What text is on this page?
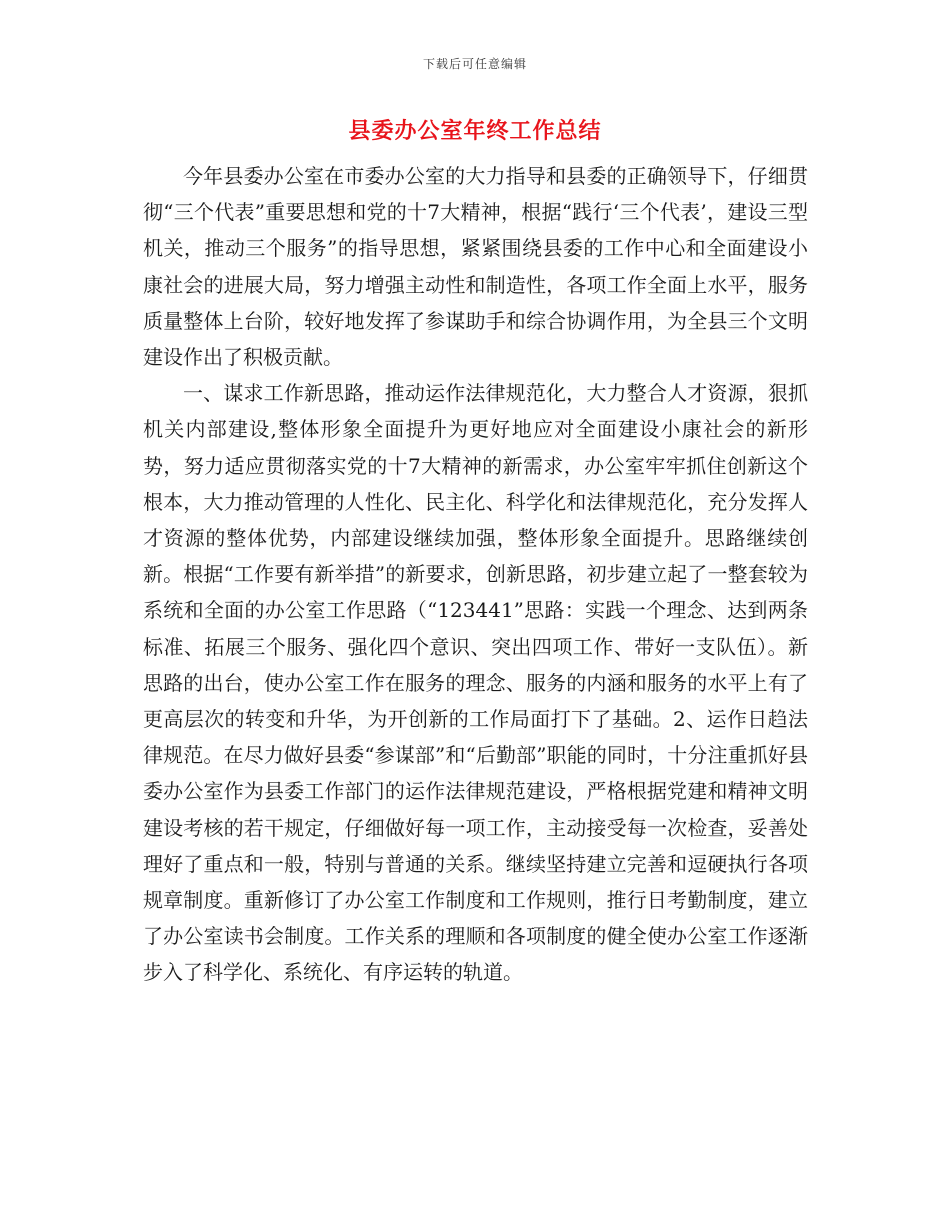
下载后可任意编辑
县委办公室年终工作总结

今年县委办公室在市委办公室的大力指导和县委的正确领导下，仔细贯彻“三个代表”重要思想和党的十7大精神，根据“践行‘三个代表’，建设三型机关，推动三个服务”的指导思想，紧紧围绕县委的工作中心和全面建设小康社会的进展大局，努力增强主动性和制造性，各项工作全面上水平，服务质量整体上台阶，较好地发挥了参谋助手和综合协调作用，为全县三个文明建设作出了积极贡献。

一、谋求工作新思路，推动运作法律规范化，大力整合人才资源，狠抓机关内部建设,整体形象全面提升为更好地应对全面建设小康社会的新形势，努力适应贯彻落实党的十7大精神的新需求，办公室牢牢抓住创新这个根本，大力推动管理的人性化、民主化、科学化和法律规范化，充分发挥人才资源的整体优势，内部建设继续加强，整体形象全面提升。思路继续创新。根据“工作要有新举措”的新要求，创新思路，初步建立起了一整套较为系统和全面的办公室工作思路（“123441”思路：实践一个理念、达到两条标准、拓展三个服务、强化四个意识、突出四项工作、带好一支队伍）。新思路的出台，使办公室工作在服务的理念、服务的内涵和服务的水平上有了更高层次的转变和升华，为开创新的工作局面打下了基础。2、运作日趋法律规范。在尽力做好县委“参谋部”和“后勤部”职能的同时，十分注重抓好县委办公室作为县委工作部门的运作法律规范建设，严格根据党建和精神文明建设考核的若干规定，仔细做好每一项工作，主动接受每一次检查，妥善处理好了重点和一般，特别与普通的关系。继续坚持建立完善和逗硬执行各项规章制度。重新修订了办公室工作制度和工作规则，推行日考勤制度，建立了办公室读书会制度。工作关系的理顺和各项制度的健全使办公室工作逐渐步入了科学化、系统化、有序运转的轨道。
